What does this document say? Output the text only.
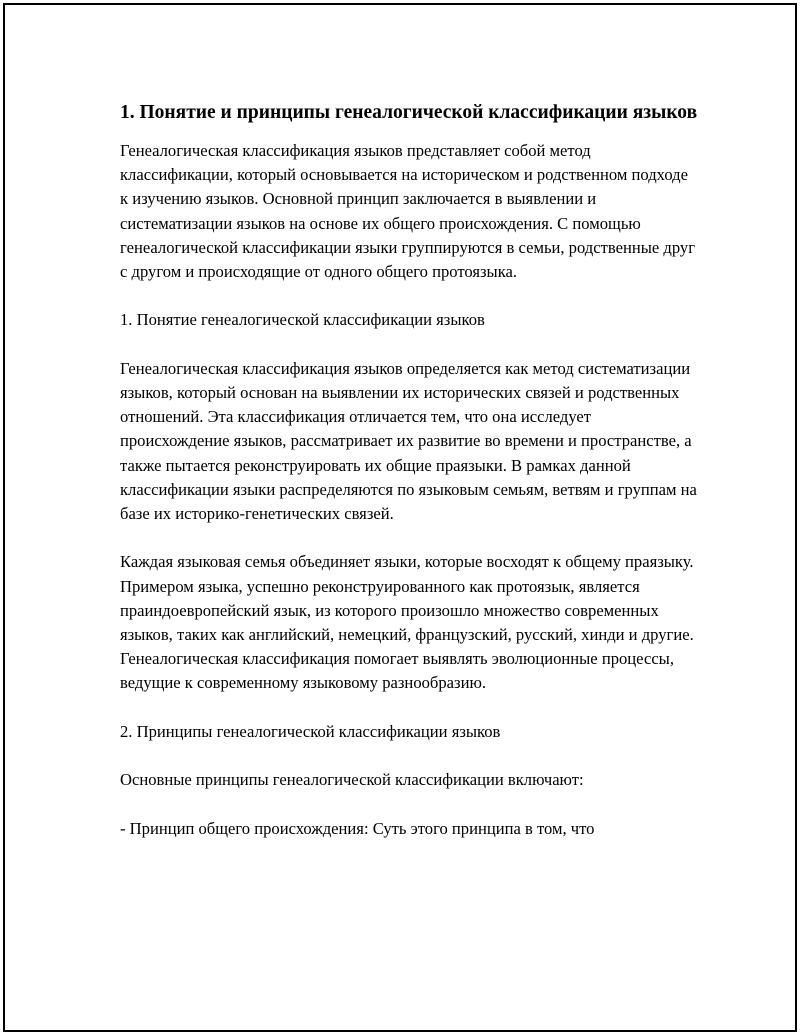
1. Понятие и принципы генеалогической классификации языков

Генеалогическая классификация языков представляет собой метод классификации, который основывается на историческом и родственном подходе к изучению языков. Основной принцип заключается в выявлении и систематизации языков на основе их общего происхождения. С помощью генеалогической классификации языки группируются в семьи, родственные друг с другом и происходящие от одного общего протоязыка.

1. Понятие генеалогической классификации языков

Генеалогическая классификация языков определяется как метод систематизации языков, который основан на выявлении их исторических связей и родственных отношений. Эта классификация отличается тем, что она исследует происхождение языков, рассматривает их развитие во времени и пространстве, а также пытается реконструировать их общие праязыки. В рамках данной классификации языки распределяются по языковым семьям, ветвям и группам на базе их историко-генетических связей.

Каждая языковая семья объединяет языки, которые восходят к общему праязыку. Примером языка, успешно реконструированного как протоязык, является праиндоевропейский язык, из которого произошло множество современных языков, таких как английский, немецкий, французский, русский, хинди и другие. Генеалогическая классификация помогает выявлять эволюционные процессы, ведущие к современному языковому разнообразию.

2. Принципы генеалогической классификации языков

Основные принципы генеалогической классификации включают:

- Принцип общего происхождения: Суть этого принципа в том, что
